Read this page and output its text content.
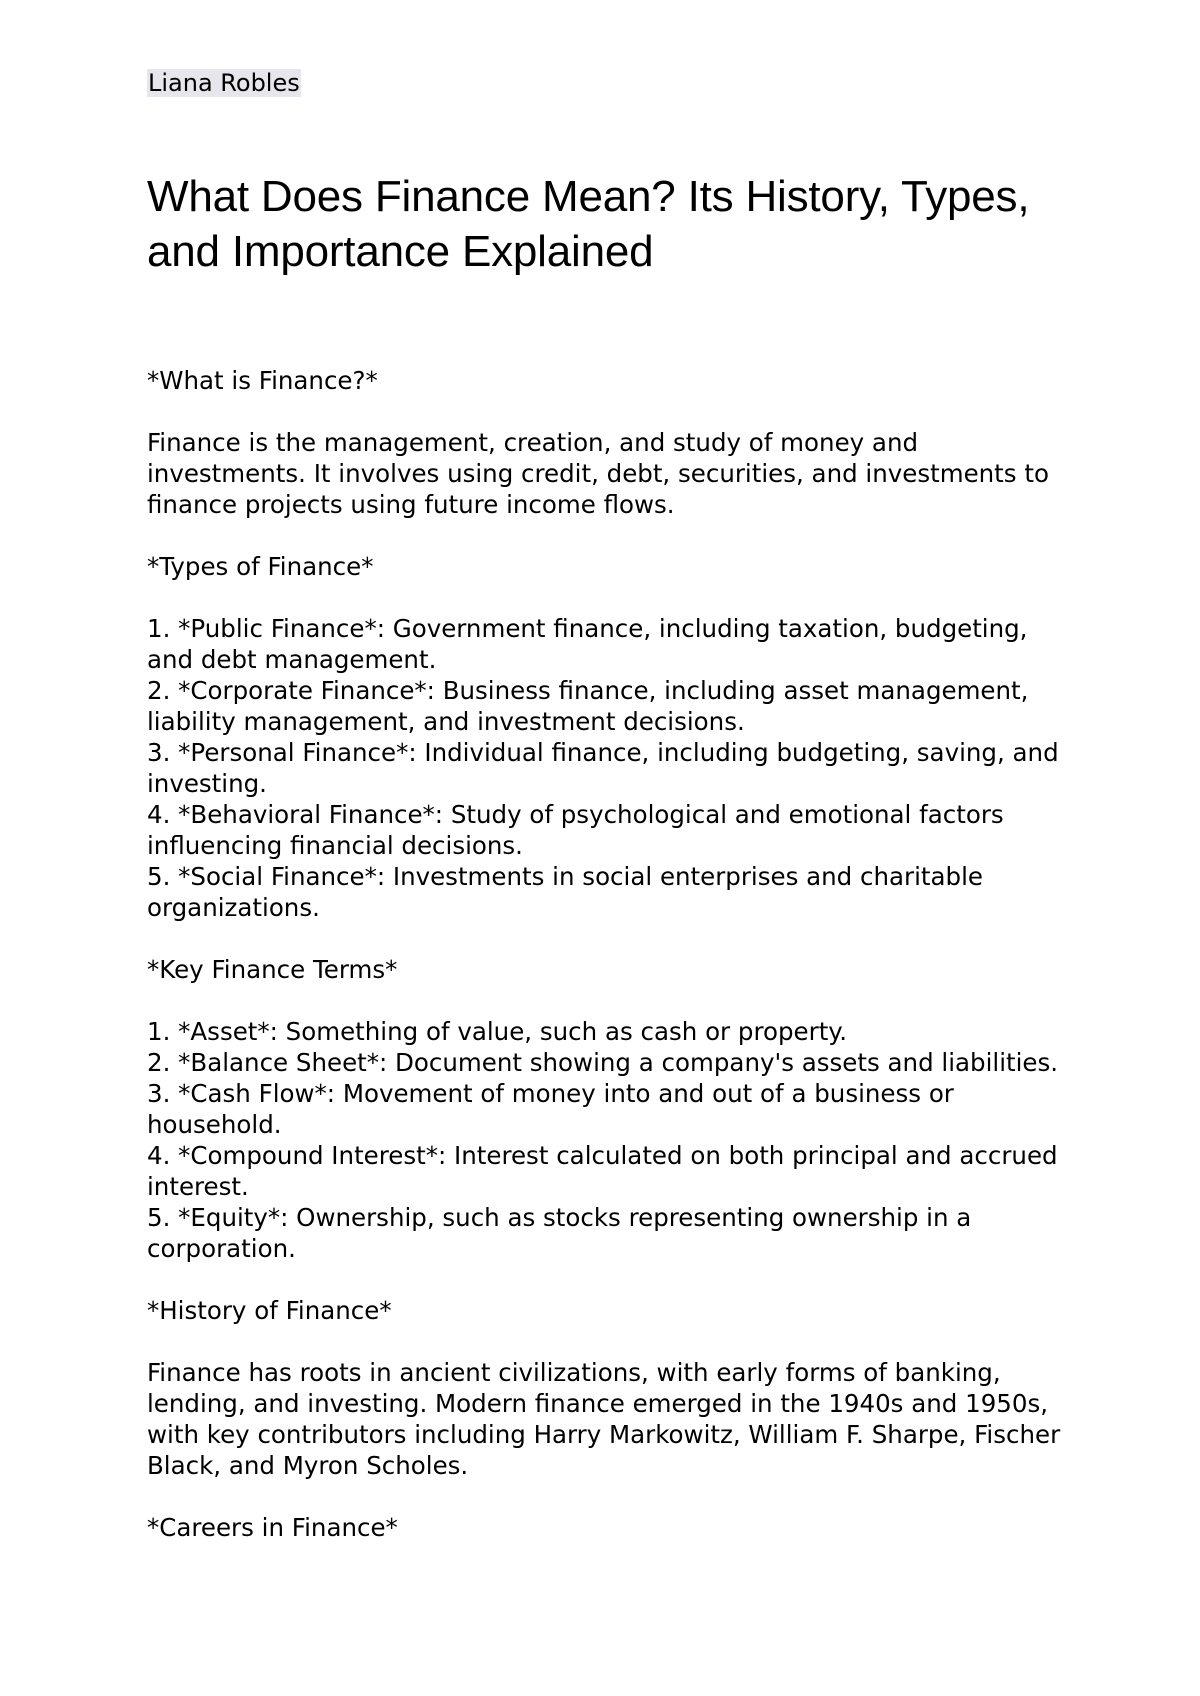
Liana Robles
What Does Finance Mean? Its History, Types, and Importance Explained

*What is Finance?*

Finance is the management, creation, and study of money and investments. It involves using credit, debt, securities, and investments to finance projects using future income flows.

*Types of Finance*

1. *Public Finance*: Government finance, including taxation, budgeting, and debt management.
2. *Corporate Finance*: Business finance, including asset management, liability management, and investment decisions.
3. *Personal Finance*: Individual finance, including budgeting, saving, and investing.
4. *Behavioral Finance*: Study of psychological and emotional factors influencing financial decisions.
5. *Social Finance*: Investments in social enterprises and charitable organizations.

*Key Finance Terms*

1. *Asset*: Something of value, such as cash or property.
2. *Balance Sheet*: Document showing a company's assets and liabilities.
3. *Cash Flow*: Movement of money into and out of a business or household.
4. *Compound Interest*: Interest calculated on both principal and accrued interest.
5. *Equity*: Ownership, such as stocks representing ownership in a corporation.

*History of Finance*

Finance has roots in ancient civilizations, with early forms of banking, lending, and investing. Modern finance emerged in the 1940s and 1950s, with key contributors including Harry Markowitz, William F. Sharpe, Fischer Black, and Myron Scholes.

*Careers in Finance*
